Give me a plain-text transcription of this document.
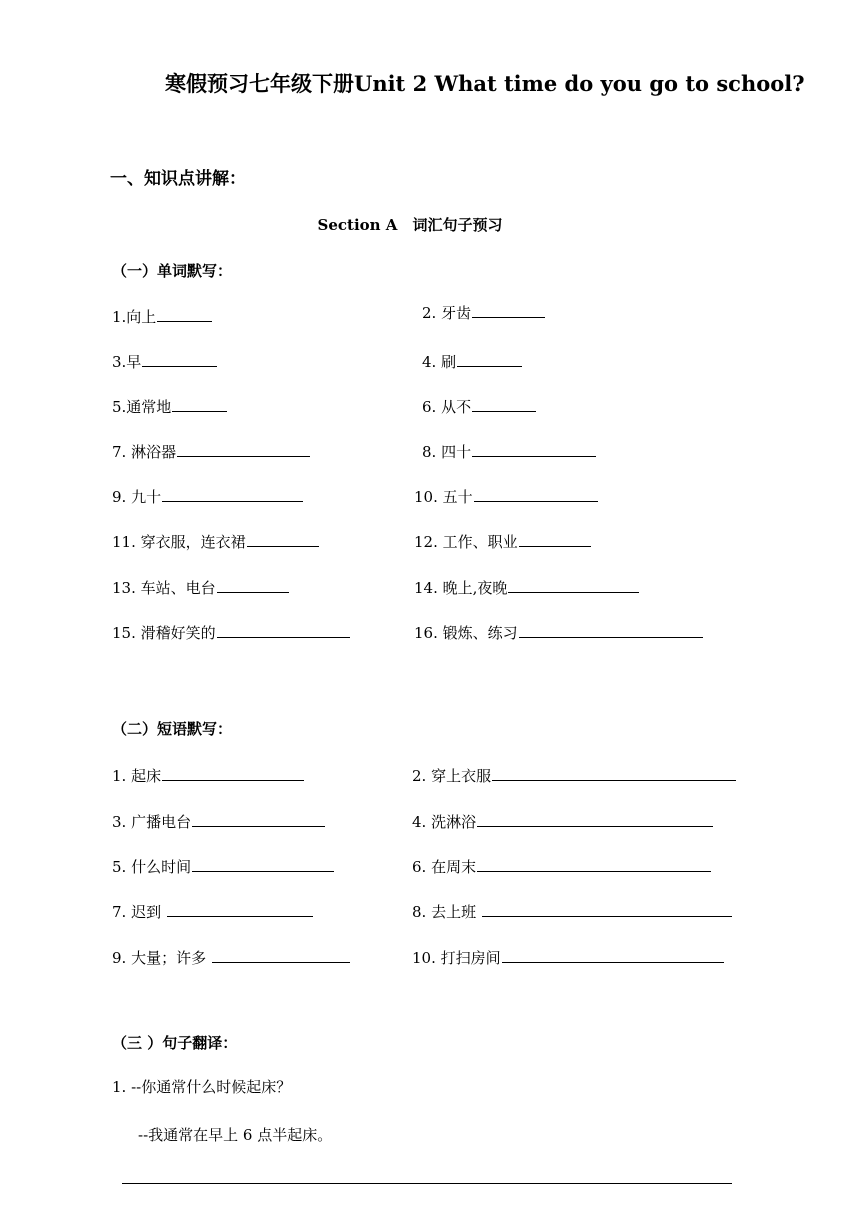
寒假预习七年级下册Unit 2 What time do you go to school?
一、知识点讲解：
Section A　词汇句子预习
（一）单词默写：
1.向上	2. 牙齿
3.早	4. 刷
5.通常地	6. 从不
7. 淋浴器	8. 四十
9. 九十	10. 五十
11. 穿衣服，连衣裙	12. 工作、职业
13. 车站、电台	14. 晚上,夜晚
15. 滑稽好笑的	16. 锻炼、练习
（二）短语默写：
1. 起床	2. 穿上衣服
3. 广播电台	4. 洗淋浴
5. 什么时间	6. 在周末
7. 迟到	8. 去上班
9. 大量；许多	10. 打扫房间
（三 ）句子翻译：
1. --你通常什么时候起床？
--我通常在早上 6 点半起床。
